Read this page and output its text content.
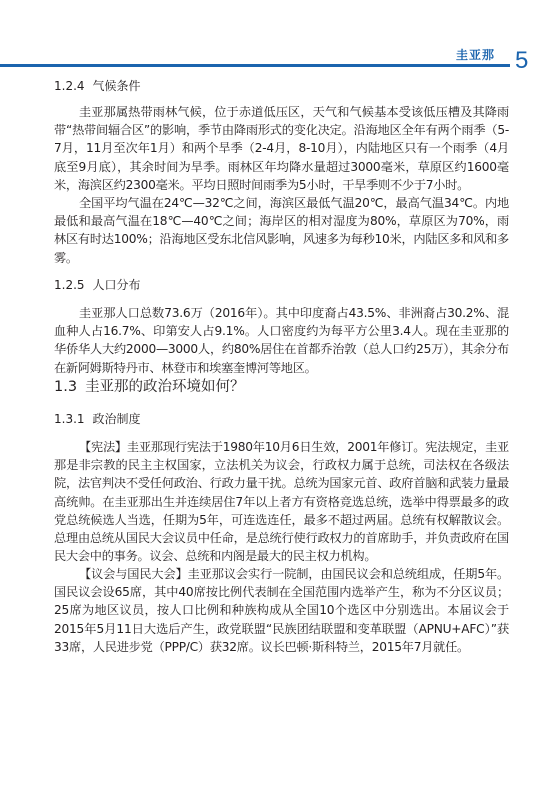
圭亚那 5

1.2.4 气候条件

圭亚那属热带雨林气候，位于赤道低压区，天气和气候基本受该低压槽及其降雨带“热带间辐合区”的影响，季节由降雨形式的变化决定。沿海地区全年有两个雨季（5-7月，11月至次年1月）和两个旱季（2-4月，8-10月），内陆地区只有一个雨季（4月底至9月底），其余时间为旱季。雨林区年均降水量超过3000毫米，草原区约1600毫米，海滨区约2300毫米。平均日照时间雨季为5小时，干旱季则不少于7小时。

全国平均气温在24℃—32℃之间，海滨区最低气温20℃，最高气温34℃。内地最低和最高气温在18℃—40℃之间；海岸区的相对湿度为80%，草原区为70%，雨林区有时达100%；沿海地区受东北信风影响，风速多为每秒10米，内陆区多和风和多雾。

1.2.5 人口分布

圭亚那人口总数73.6万（2016年）。其中印度裔占43.5%、非洲裔占30.2%、混血种人占16.7%、印第安人占9.1%。人口密度约为每平方公里3.4人。现在圭亚那的华侨华人大约2000—3000人，约80%居住在首都乔治敦（总人口约25万），其余分布在新阿姆斯特丹市、林登市和埃塞奎博河等地区。

1.3 圭亚那的政治环境如何？

1.3.1 政治制度

【宪法】圭亚那现行宪法于1980年10月6日生效，2001年修订。宪法规定，圭亚那是非宗教的民主主权国家，立法机关为议会，行政权力属于总统，司法权在各级法院，法官判决不受任何政治、行政力量干扰。总统为国家元首、政府首脑和武装力量最高统帅。在圭亚那出生并连续居住7年以上者方有资格竞选总统，选举中得票最多的政党总统候选人当选，任期为5年，可连选连任，最多不超过两届。总统有权解散议会。总理由总统从国民大会议员中任命，是总统行使行政权力的首席助手，并负责政府在国民大会中的事务。议会、总统和内阁是最大的民主权力机构。

【议会与国民大会】圭亚那议会实行一院制，由国民议会和总统组成，任期5年。国民议会设65席，其中40席按比例代表制在全国范围内选举产生，称为不分区议员；25席为地区议员，按人口比例和种族构成从全国10个选区中分别选出。本届议会于2015年5月11日大选后产生，政党联盟“民族团结联盟和变革联盟（APNU+AFC）”获33席，人民进步党（PPP/C）获32席。议长巴顿·斯科特兰，2015年7月就任。
